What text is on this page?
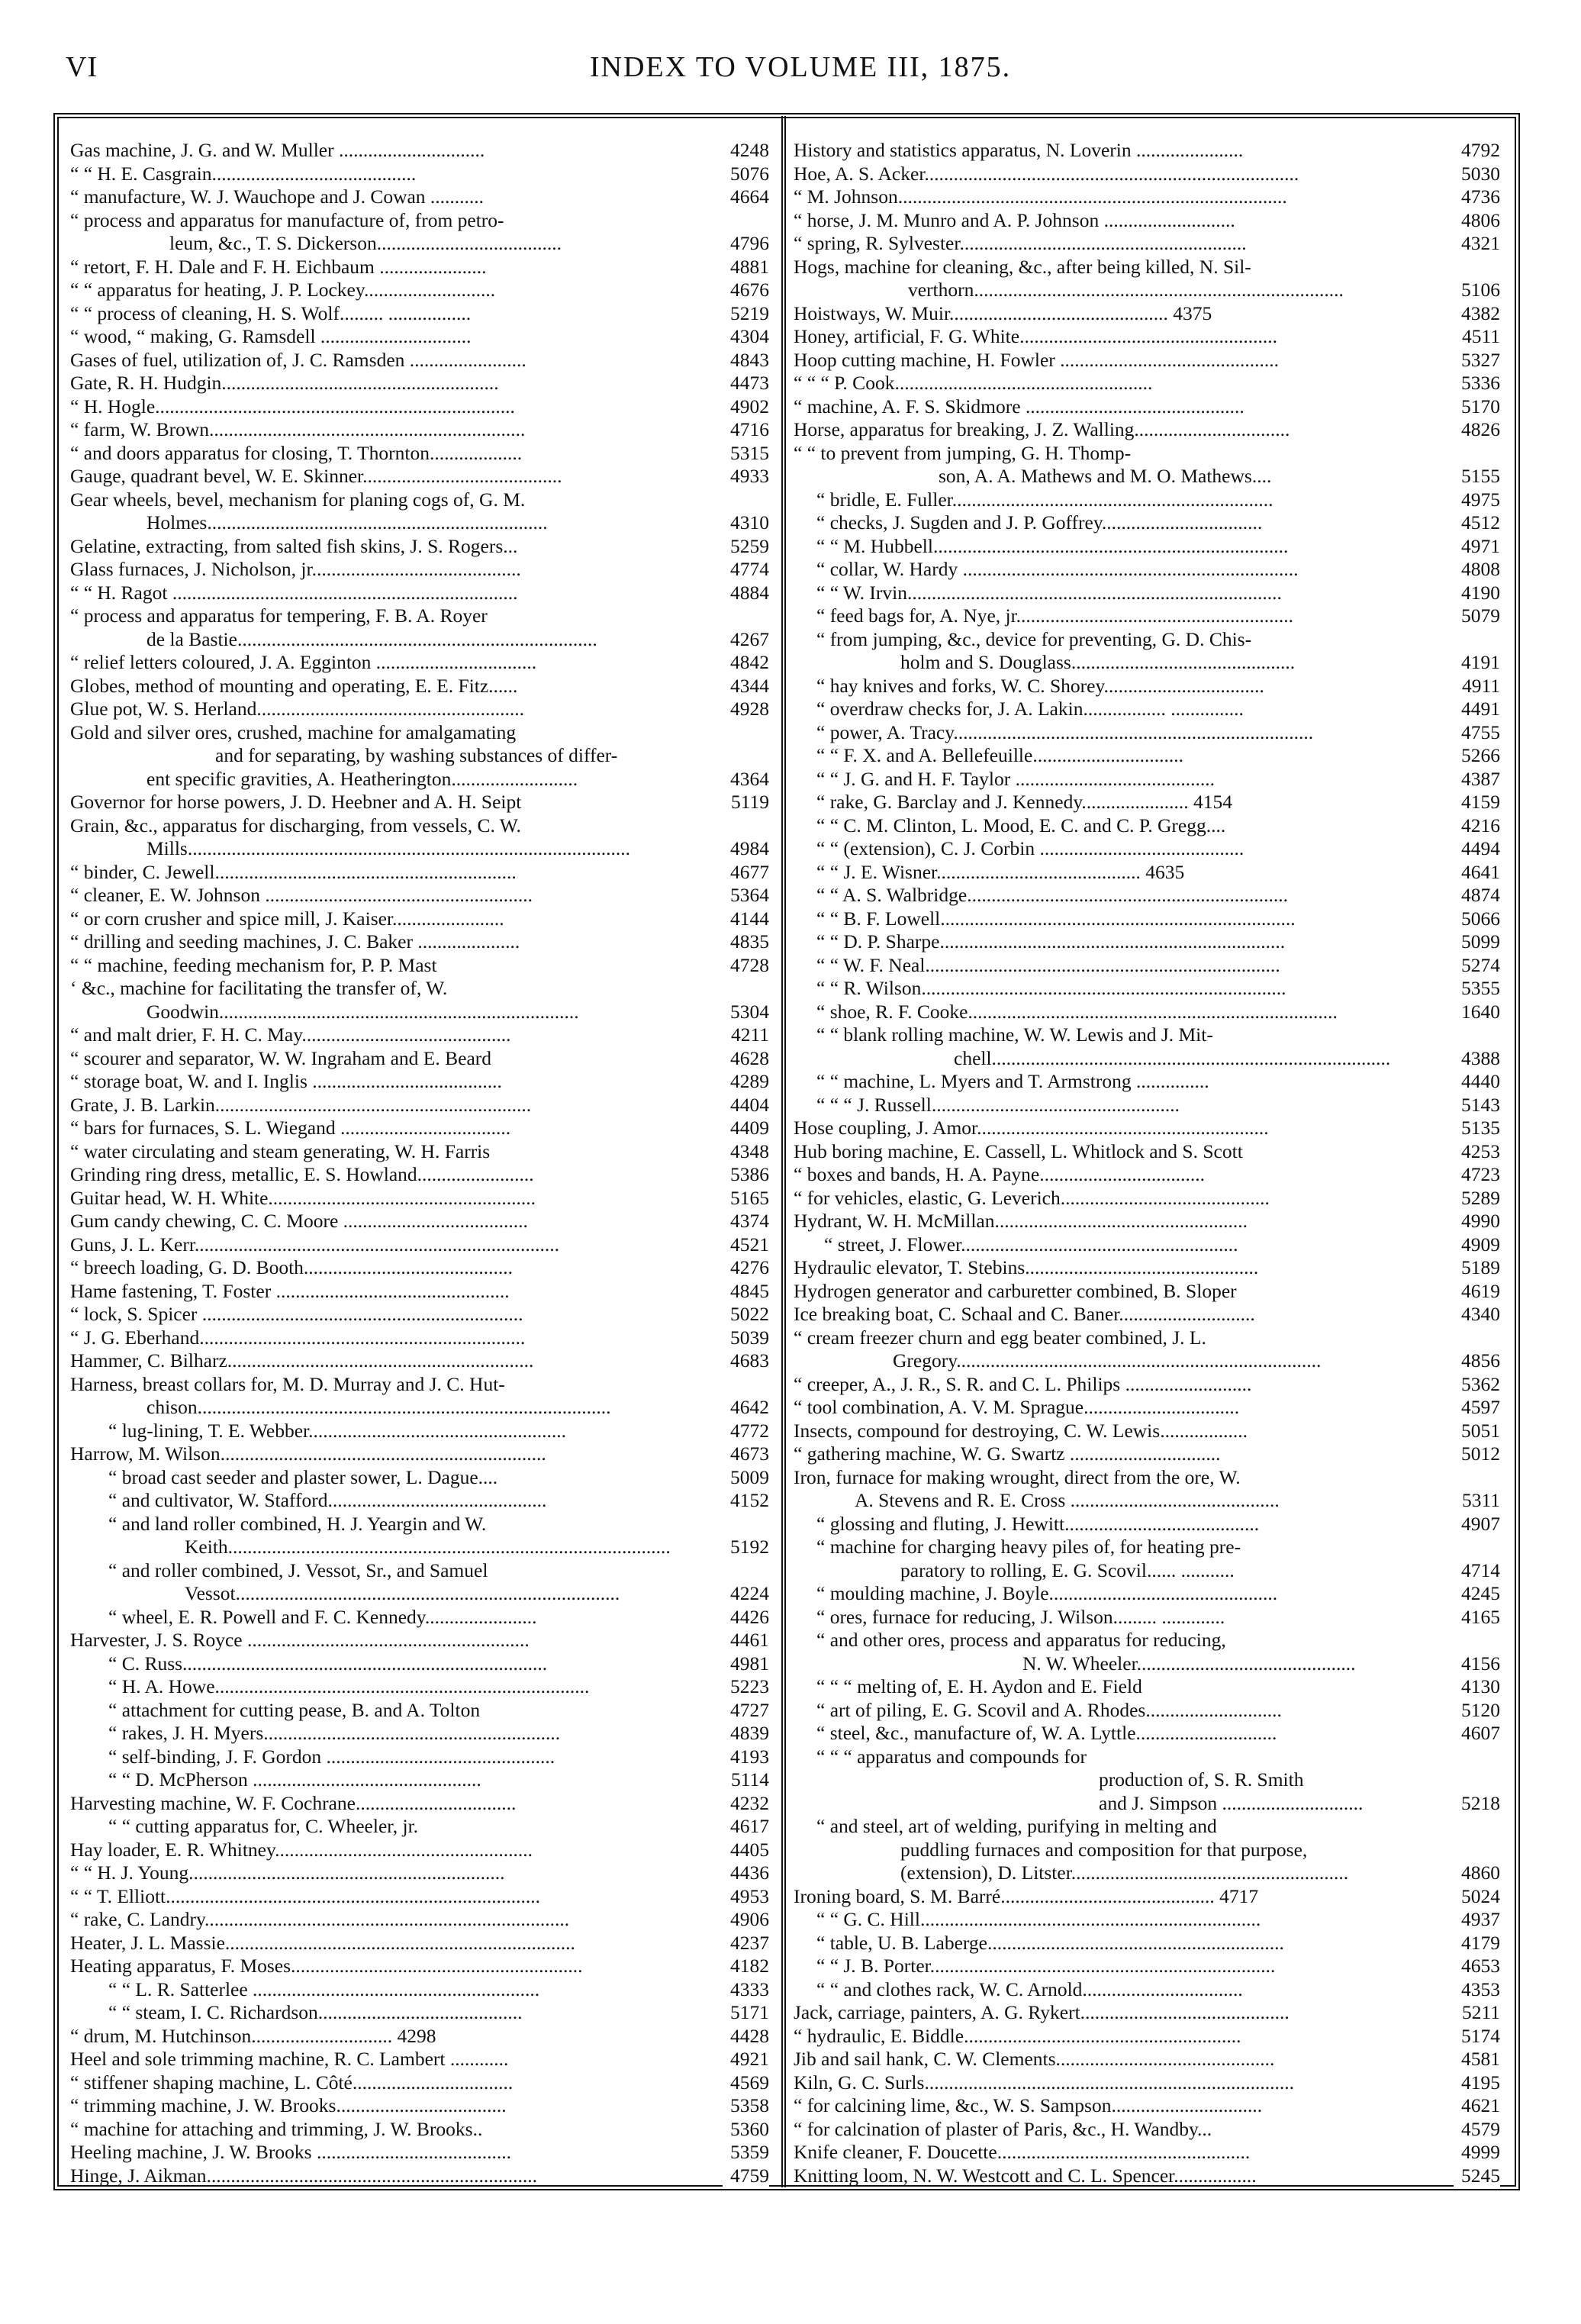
VI	INDEX TO VOLUME III, 1875.
Gas machine, J. G. and W. Muller ..............................	4248
“ “ H. E. Casgrain..........................................	5076
“ manufacture, W. J. Wauchope and J. Cowan ...........	4664
“ process and apparatus for manufacture of, from petro-
leum, &c., T. S. Dickerson......................................	4796
“ retort, F. H. Dale and F. H. Eichbaum ......................	4881
“ “ apparatus for heating, J. P. Lockey...........................	4676
“ “ process of cleaning, H. S. Wolf......... .................	5219
“ wood, “ making, G. Ramsdell ...............................	4304
Gases of fuel, utilization of, J. C. Ramsden ........................	4843
Gate, R. H. Hudgin.........................................................	4473
“ H. Hogle..........................................................................	4902
“ farm, W. Brown.................................................................	4716
“ and doors apparatus for closing, T. Thornton...................	5315
Gauge, quadrant bevel, W. E. Skinner.........................................	4933
Gear wheels, bevel, mechanism for planing cogs of, G. M.
Holmes......................................................................	4310
Gelatine, extracting, from salted fish skins, J. S. Rogers...	5259
Glass furnaces, J. Nicholson, jr...........................................	4774
“ “ H. Ragot .......................................................................	4884
“ process and apparatus for tempering, F. B. A. Royer
de la Bastie..........................................................................	4267
“ relief letters coloured, J. A. Egginton .................................	4842
Globes, method of mounting and operating, E. E. Fitz......	4344
Glue pot, W. S. Herland.......................................................	4928
Gold and silver ores, crushed, machine for amalgamating
and for separating, by washing substances of differ-
ent specific gravities, A. Heatherington..........................	4364
Governor for horse powers, J. D. Heebner and A. H. Seipt	5119
Grain, &c., apparatus for discharging, from vessels, C. W.
Mills...........................................................................................	4984
“ binder, C. Jewell..............................................................	4677
“ cleaner, E. W. Johnson .......................................................	5364
“ or corn crusher and spice mill, J. Kaiser.......................	4144
“ drilling and seeding machines, J. C. Baker .....................	4835
“ “ machine, feeding mechanism for, P. P. Mast	4728
‘ &c., machine for facilitating the transfer of, W.
Goodwin..........................................................................	5304
“ and malt drier, F. H. C. May...........................................	4211
“ scourer and separator, W. W. Ingraham and E. Beard	4628
“ storage boat, W. and I. Inglis .......................................	4289
Grate, J. B. Larkin.................................................................	4404
“ bars for furnaces, S. L. Wiegand ...................................	4409
“ water circulating and steam generating, W. H. Farris	4348
Grinding ring dress, metallic, E. S. Howland........................	5386
Guitar head, W. H. White.......................................................	5165
Gum candy chewing, C. C. Moore ......................................	4374
Guns, J. L. Kerr...........................................................................	4521
“ breech loading, G. D. Booth...........................................	4276
Hame fastening, T. Foster ................................................	4845
“ lock, S. Spicer ..................................................................	5022
“ J. G. Eberhand...................................................................	5039
Hammer, C. Bilharz...............................................................	4683
Harness, breast collars for, M. D. Murray and J. C. Hut-
chison.....................................................................................	4642
“ lug-lining, T. E. Webber.....................................................	4772
Harrow, M. Wilson...................................................................	4673
“ broad cast seeder and plaster sower, L. Dague....	5009
“ and cultivator, W. Stafford.............................................	4152
“ and land roller combined, H. J. Yeargin and W.
Keith...........................................................................................	5192
“ and roller combined, J. Vessot, Sr., and Samuel
Vessot...............................................................................	4224
“ wheel, E. R. Powell and F. C. Kennedy.......................	4426
Harvester, J. S. Royce ..........................................................	4461
“ C. Russ...........................................................................	4981
“ H. A. Howe.............................................................................	5223
“ attachment for cutting pease, B. and A. Tolton	4727
“ rakes, J. H. Myers.............................................................	4839
“ self-binding, J. F. Gordon ...............................................	4193
“ “ D. McPherson ...............................................	5114
Harvesting machine, W. F. Cochrane.................................	4232
“ “ cutting apparatus for, C. Wheeler, jr.	4617
Hay loader, E. R. Whitney.....................................................	4405
“ “ H. J. Young.................................................................	4436
“ “ T. Elliott.............................................................................	4953
“ rake, C. Landry...........................................................................	4906
Heater, J. L. Massie........................................................................	4237
Heating apparatus, F. Moses............................................................	4182
“ “ L. R. Satterlee ...........................................................	4333
“ “ steam, I. C. Richardson..........................................	5171
“ drum, M. Hutchinson............................. 4298	4428
Heel and sole trimming machine, R. C. Lambert ............	4921
“ stiffener shaping machine, L. Côté.................................	4569
“ trimming machine, J. W. Brooks...................................	5358
“ machine for attaching and trimming, J. W. Brooks..	5360
Heeling machine, J. W. Brooks ........................................	5359
Hinge, J. Aikman....................................................................	4759
History and statistics apparatus, N. Loverin ......................	4792
Hoe, A. S. Acker.............................................................................	5030
“ M. Johnson................................................................................	4736
“ horse, J. M. Munro and A. P. Johnson ...........................	4806
“ spring, R. Sylvester...........................................................	4321
Hogs, machine for cleaning, &c., after being killed, N. Sil-
verthorn............................................................................	5106
Hoistways, W. Muir............................................. 4375	4382
Honey, artificial, F. G. White.....................................................	4511
Hoop cutting machine, H. Fowler .............................................	5327
“ “ “ P. Cook.....................................................	5336
“ machine, A. F. S. Skidmore .............................................	5170
Horse, apparatus for breaking, J. Z. Walling................................	4826
“ “ to prevent from jumping, G. H. Thomp-
son, A. A. Mathews and M. O. Mathews....	5155
“ bridle, E. Fuller..................................................................	4975
“ checks, J. Sugden and J. P. Goffrey.................................	4512
“ “ M. Hubbell.........................................................................	4971
“ collar, W. Hardy .....................................................................	4808
“ “ W. Irvin.............................................................................	4190
“ feed bags for, A. Nye, jr.........................................................	5079
“ from jumping, &c., device for preventing, G. D. Chis-
holm and S. Douglass..............................................	4191
“ hay knives and forks, W. C. Shorey.................................	4911
“ overdraw checks for, J. A. Lakin................. ...............	4491
“ power, A. Tracy..........................................................................	4755
“ “ F. X. and A. Bellefeuille...............................	5266
“ “ J. G. and H. F. Taylor .........................................	4387
“ rake, G. Barclay and J. Kennedy...................... 4154	4159
“ “ C. M. Clinton, L. Mood, E. C. and C. P. Gregg....	4216
“ “ (extension), C. J. Corbin ..........................................	4494
“ “ J. E. Wisner.......................................... 4635	4641
“ “ A. S. Walbridge..................................................................	4874
“ “ B. F. Lowell.........................................................................	5066
“ “ D. P. Sharpe.......................................................................	5099
“ “ W. F. Neal.........................................................................	5274
“ “ R. Wilson...........................................................................	5355
“ shoe, R. F. Cooke............................................................................	1640
“ “ blank rolling machine, W. W. Lewis and J. Mit-
chell..................................................................................	4388
“ “ machine, L. Myers and T. Armstrong ...............	4440
“ “ “ J. Russell...................................................	5143
Hose coupling, J. Amor............................................................	5135
Hub boring machine, E. Cassell, L. Whitlock and S. Scott	4253
“ boxes and bands, H. A. Payne..................................	4723
“ for vehicles, elastic, G. Leverich...........................................	5289
Hydrant, W. H. McMillan....................................................	4990
“ street, J. Flower.........................................................	4909
Hydraulic elevator, T. Stebins................................................	5189
Hydrogen generator and carburetter combined, B. Sloper	4619
Ice breaking boat, C. Schaal and C. Baner............................	4340
“ cream freezer churn and egg beater combined, J. L.
Gregory...........................................................................	4856
“ creeper, A., J. R., S. R. and C. L. Philips ..........................	5362
“ tool combination, A. V. M. Sprague................................	4597
Insects, compound for destroying, C. W. Lewis..................	5051
“ gathering machine, W. G. Swartz ...............................	5012
Iron, furnace for making wrought, direct from the ore, W.
A. Stevens and R. E. Cross ...........................................	5311
“ glossing and fluting, J. Hewitt........................................	4907
“ machine for charging heavy piles of, for heating pre-
paratory to rolling, E. G. Scovil...... ...........	4714
“ moulding machine, J. Boyle...............................................	4245
“ ores, furnace for reducing, J. Wilson......... .............	4165
“ and other ores, process and apparatus for reducing,
N. W. Wheeler.............................................	4156
“ “ “ melting of, E. H. Aydon and E. Field	4130
“ art of piling, E. G. Scovil and A. Rhodes............................	5120
“ steel, &c., manufacture of, W. A. Lyttle.............................	4607
“ “ “ apparatus and compounds for
production of, S. R. Smith
and J. Simpson .............................	5218
“ and steel, art of welding, purifying in melting and
puddling furnaces and composition for that purpose,
(extension), D. Litster.........................................................	4860
Ironing board, S. M. Barré............................................ 4717	5024
“ “ G. C. Hill......................................................................	4937
“ table, U. B. Laberge.............................................................	4179
“ “ J. B. Porter.......................................................................	4653
“ “ and clothes rack, W. C. Arnold.................................	4353
Jack, carriage, painters, A. G. Rykert...........................................	5211
“ hydraulic, E. Biddle.........................................................	5174
Jib and sail hank, C. W. Clements.............................................	4581
Kiln, G. C. Surls............................................................................	4195
“ for calcining lime, &c., W. S. Sampson...............................	4621
“ for calcination of plaster of Paris, &c., H. Wandby...	4579
Knife cleaner, F. Doucette....................................................	4999
Knitting loom, N. W. Westcott and C. L. Spencer.................	5245
